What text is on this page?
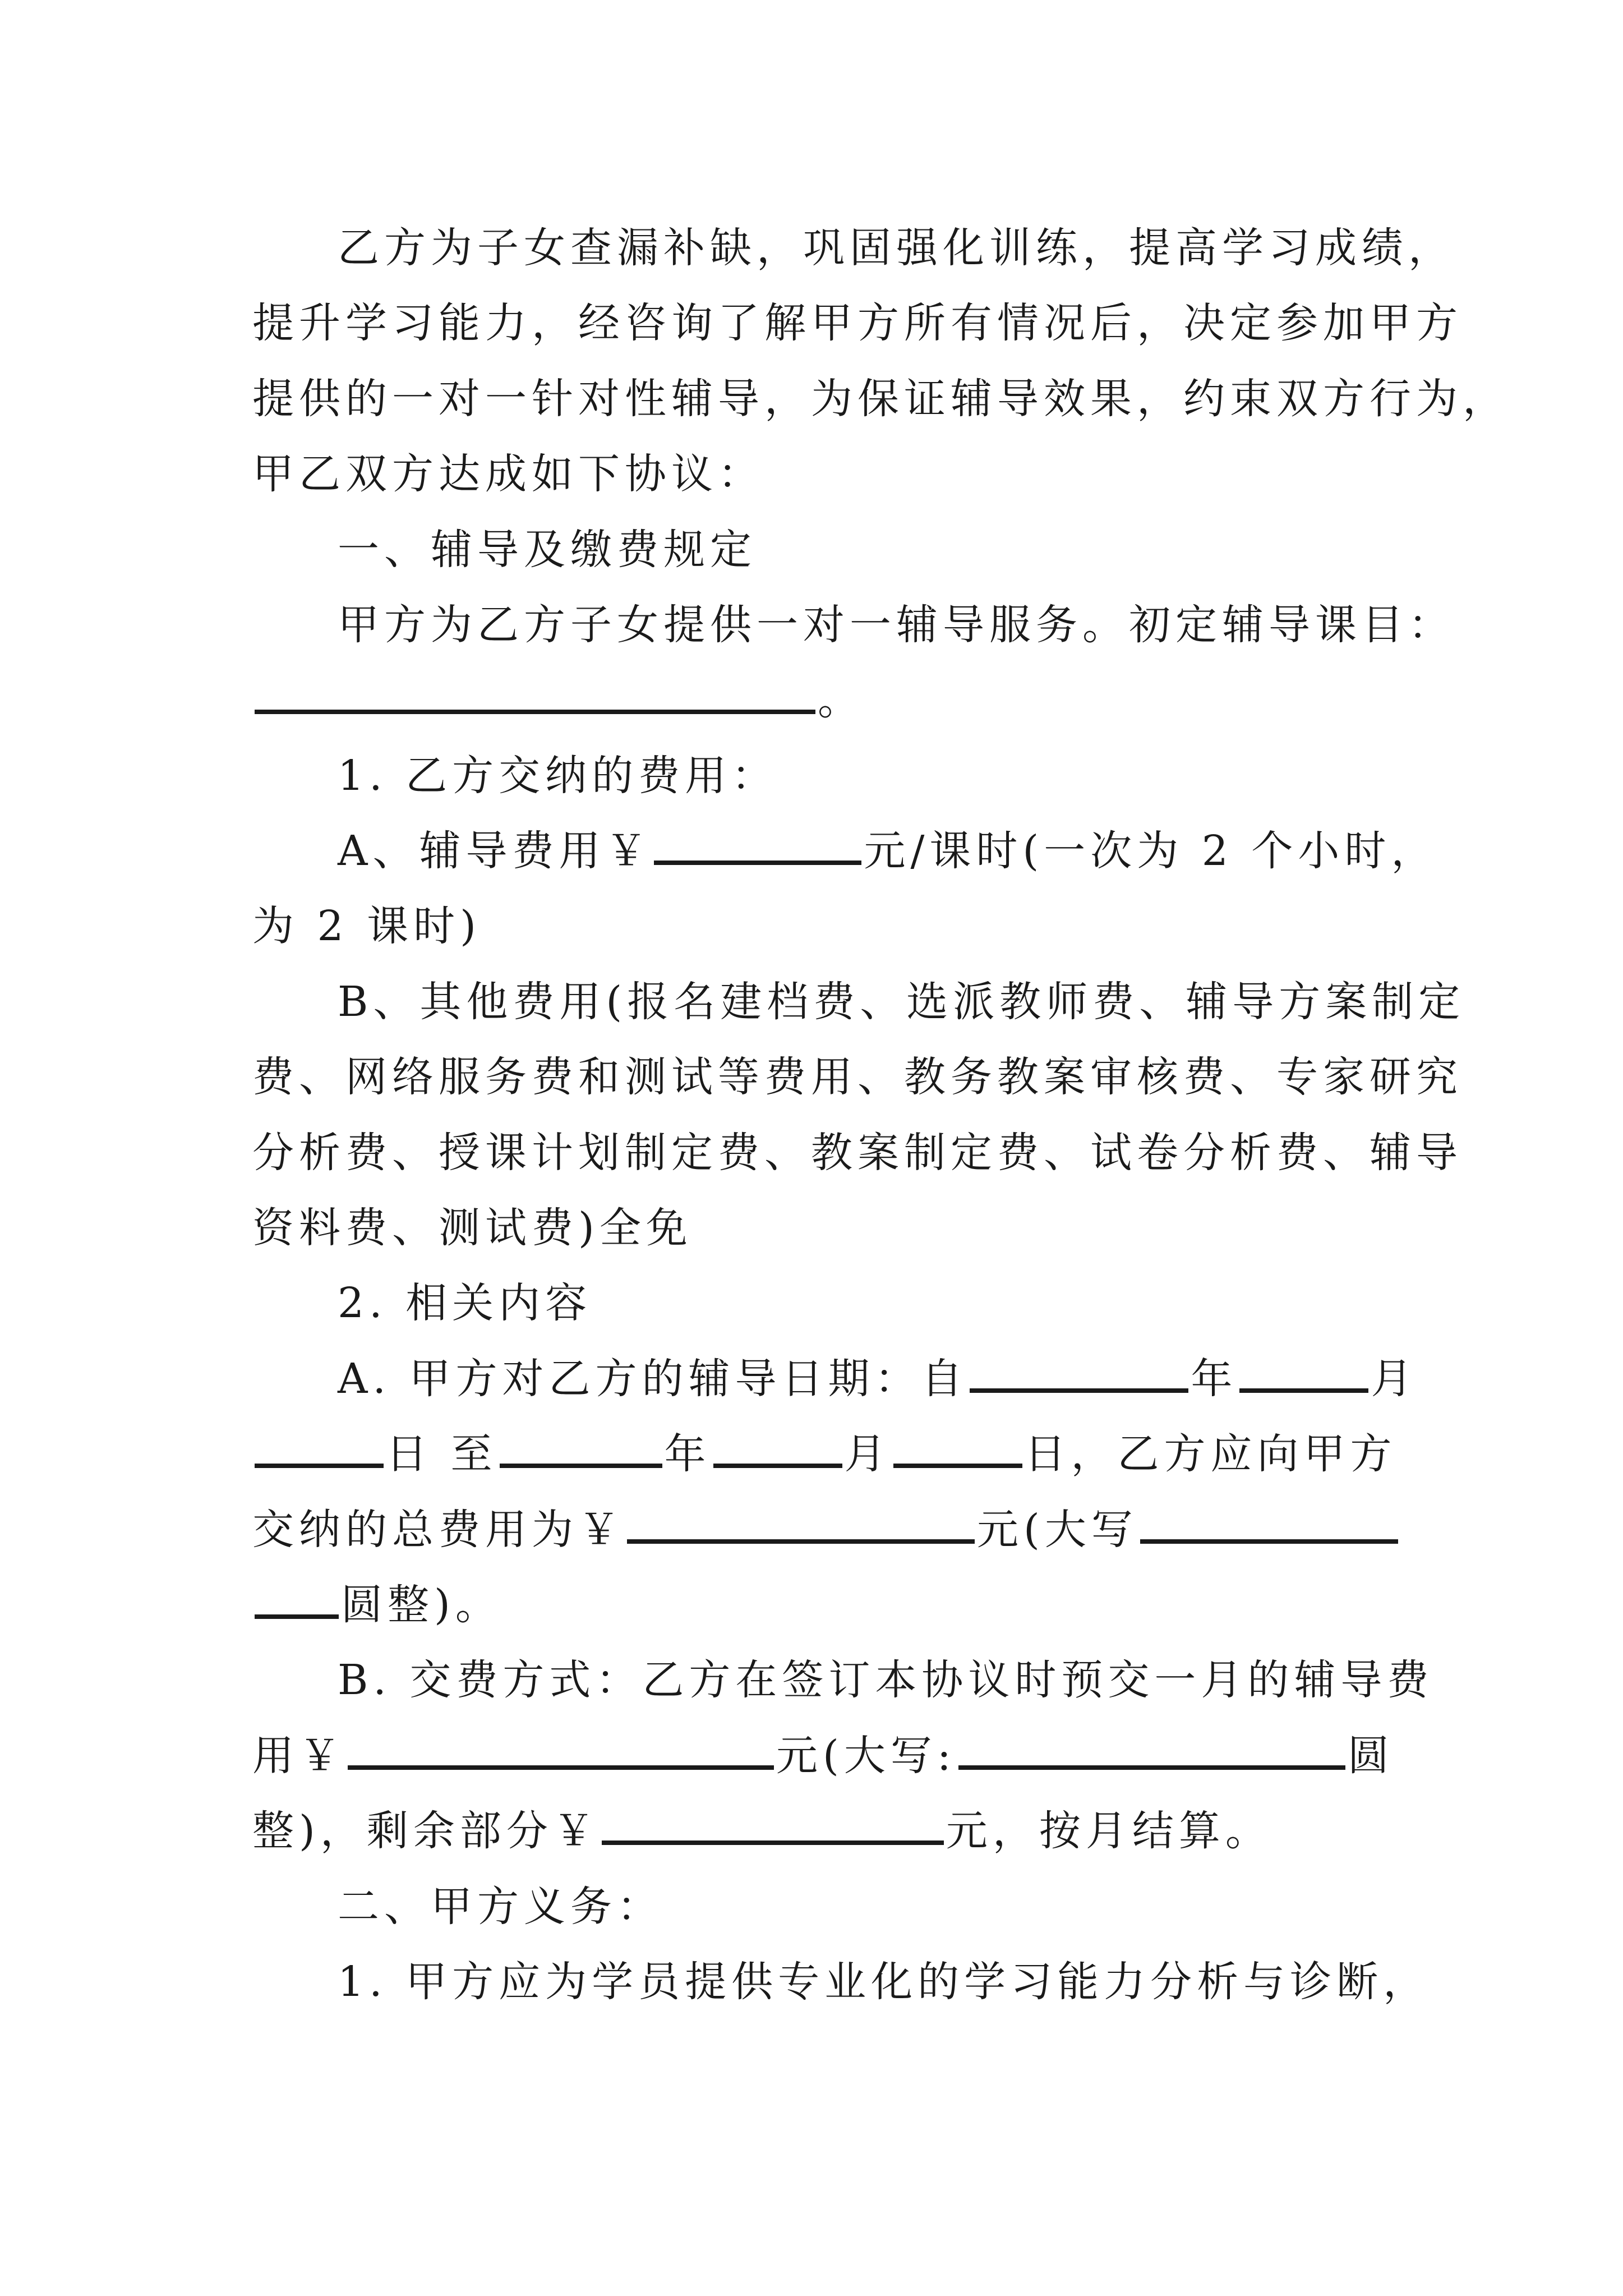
乙方为子女查漏补缺，巩固强化训练，提高学习成绩，
提升学习能力，经咨询了解甲方所有情况后，决定参加甲方
提供的一对一针对性辅导，为保证辅导效果，约束双方行为，
甲乙双方达成如下协议：
一、辅导及缴费规定
甲方为乙方子女提供一对一辅导服务。初定辅导课目：
。
1. 乙方交纳的费用：
A、辅导费用￥	元/课时(一次为 2 个小时，
为 2 课时)
B、其他费用(报名建档费、选派教师费、辅导方案制定
费、网络服务费和测试等费用、教务教案审核费、专家研究
分析费、授课计划制定费、教案制定费、试卷分析费、辅导
资料费、测试费)全免
2. 相关内容
A. 甲方对乙方的辅导日期：自	年	月
日 至	年	月	日，乙方应向甲方
交纳的总费用为￥	元(大写
圆整)。
B. 交费方式：乙方在签订本协议时预交一月的辅导费
用￥	元(大写:	圆
整)，剩余部分￥	元，按月结算。
二、甲方义务：
1. 甲方应为学员提供专业化的学习能力分析与诊断，
